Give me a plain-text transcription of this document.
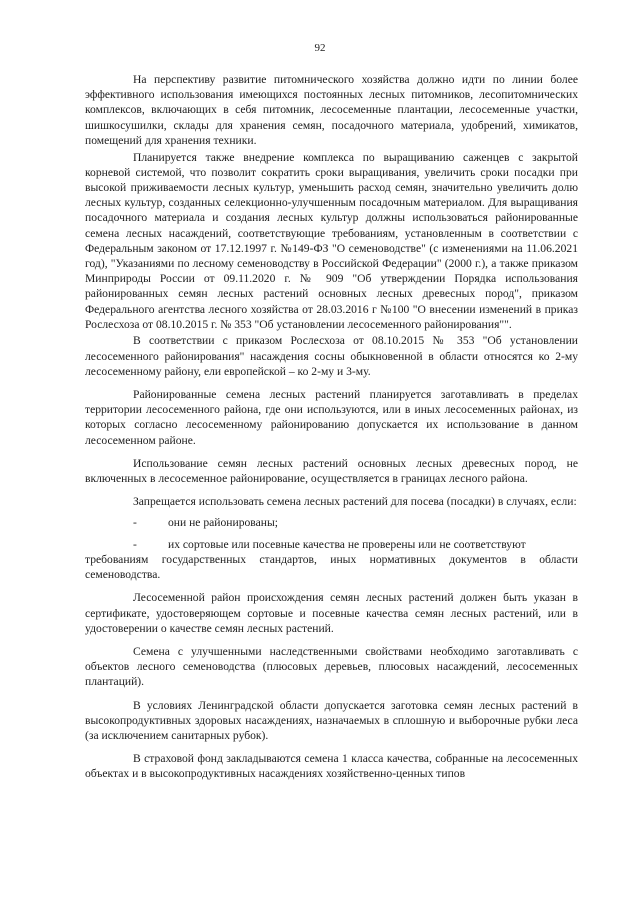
92

На перспективу развитие питомнического хозяйства должно идти по линии более эффективного использования имеющихся постоянных лесных питомников, лесопитомнических комплексов, включающих в себя питомник, лесосеменные плантации, лесосеменные участки, шишкосушилки, склады для хранения семян, посадочного материала, удобрений, химикатов, помещений для хранения техники.

Планируется также внедрение комплекса по выращиванию саженцев с закрытой корневой системой, что позволит сократить сроки выращивания, увеличить сроки посадки при высокой приживаемости лесных культур, уменьшить расход семян, значительно увеличить долю лесных культур, созданных селекционно-улучшенным посадочным материалом. Для выращивания посадочного материала и создания лесных культур должны использоваться районированные семена лесных насаждений, соответствующие требованиям, установленным в соответствии с Федеральным законом от 17.12.1997 г. №149-ФЗ "О семеноводстве" (с изменениями на 11.06.2021 год), "Указаниями по лесному семеноводству в Российской Федерации" (2000 г.), а также приказом Минприроды России от 09.11.2020 г. № 909 "Об утверждении Порядка использования районированных семян лесных растений основных лесных древесных пород", приказом Федерального агентства лесного хозяйства от 28.03.2016 г №100 "О внесении изменений в приказ Рослесхоза от 08.10.2015 г. № 353 "Об установлении лесосеменного районирования"".

В соответствии с приказом Рослесхоза от 08.10.2015 № 353 "Об установлении лесосеменного районирования" насаждения сосны обыкновенной в области относятся ко 2-му лесосеменному району, ели европейской – ко 2-му и 3-му.

Районированные семена лесных растений планируется заготавливать в пределах территории лесосеменного района, где они используются, или в иных лесосеменных районах, из которых согласно лесосеменному районированию допускается их использование в данном лесосеменном районе.

Использование семян лесных растений основных лесных древесных пород, не включенных в лесосеменное районирование, осуществляется в границах лесного района.

Запрещается использовать семена лесных растений для посева (посадки) в случаях, если:

-	они не районированы;
-	их сортовые или посевные качества не проверены или не соответствуют

требованиям государственных стандартов, иных нормативных документов в области семеноводства.

Лесосеменной район происхождения семян лесных растений должен быть указан в сертификате, удостоверяющем сортовые и посевные качества семян лесных растений, или в удостоверении о качестве семян лесных растений.

Семена с улучшенными наследственными свойствами необходимо заготавливать с объектов лесного семеноводства (плюсовых деревьев, плюсовых насаждений, лесосеменных плантаций).

В условиях Ленинградской области допускается заготовка семян лесных растений в высокопродуктивных здоровых насаждениях, назначаемых в сплошную и выборочные рубки леса (за исключением санитарных рубок).

В страховой фонд закладываются семена 1 класса качества, собранные на лесосеменных объектах и в высокопродуктивных насаждениях хозяйственно-ценных типов
